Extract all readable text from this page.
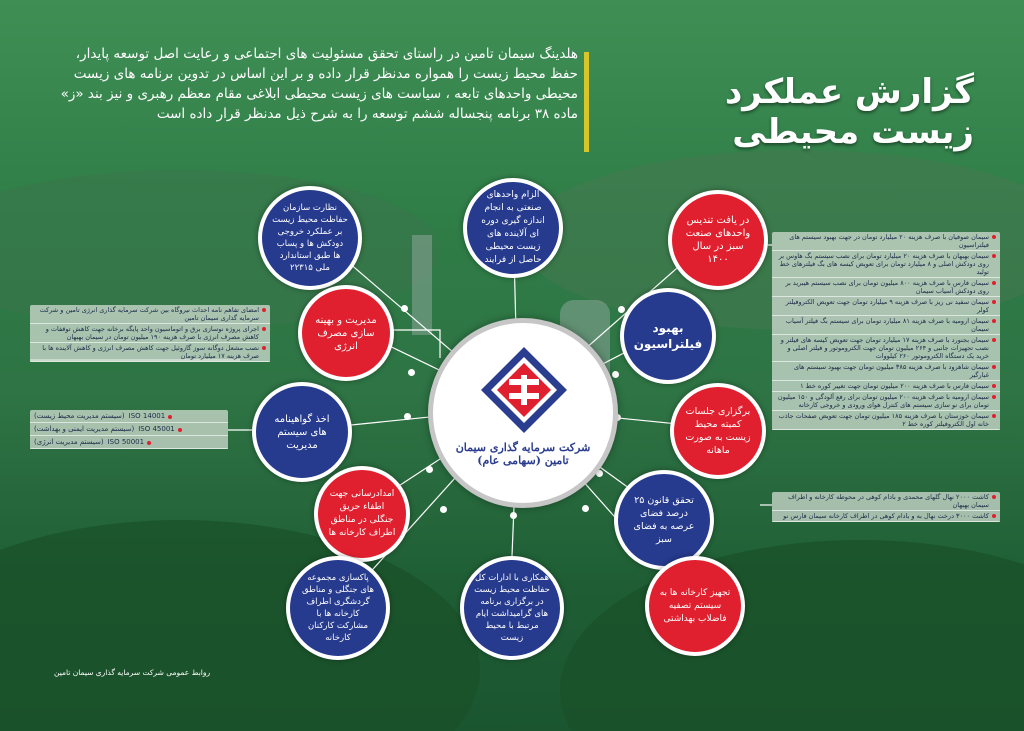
گزارش عملکرد زیست محیطی
هلدینگ سیمان تامین در راستای تحقق مسئولیت های اجتماعی و رعایت اصل توسعه پایدار، حفظ محیط زیست را همواره مدنظر قرار داده و بر این اساس در تدوین برنامه های زیست محیطی واحدهای تابعه ، سیاست های زیست محیطی ابلاغی مقام معظم رهبری و نیز بند «ز» ماده ۳۸ برنامه پنجساله ششم توسعه را به شرح ذیل مدنظر قرار داده است
شرکت سرمایه گذاری سیمان تامین (سهامی عام)
الزام واحدهای صنعتی به انجام اندازه گیری دوره ای آلاینده های زیست محیطی حاصل از فرایند
نظارت سازمان حفاظت محیط زیست بر عملکرد خروجی دودکش ها و پساب ها طبق استاندارد ملی ۲۲۳۱۵
در یافت تندیس واحدهای صنعت سبز در سال ۱۴۰۰
مدیریت و بهینه سازی مصرف انرژی
بهبود فیلتراسیون
اخذ گواهینامه های سیستم مدیریت
برگزاری جلسات کمیته محیط زیست به صورت ماهانه
امدادرسانی جهت اطفاء حریق جنگلی در مناطق اطراف کارخانه ها
تحقق قانون ۲۵ درصد فضای عرصه به فضای سبز
پاکسازی مجموعه های جنگلی و مناطق گردشگری اطراف کارخانه ها با مشارکت کارکنان کارخانه
همکاری با ادارات کل حفاظت محیط زیست در برگزاری برنامه های گرامیداشت ایام مرتبط با محیط زیست
تجهیز کارخانه ها به سیستم تصفیه فاضلاب بهداشتی
امضای تفاهم نامه احداث نیروگاه بین شرکت سرمایه گذاری انرژی تامین و شرکت سرمایه گذاری سیمان تامین
اجرای پروژه نوسازی برق و اتوماسیون واحد پایگه برخانه جهت کاهش توقفات و کاهش مصرف انرژی با صرف هزینه ۱۹۰ میلیون تومان در سیمان بهبهان
نصب مشعل دوگانه سوز گازوئیل جهت کاهش مصرف انرژی و کاهش آلاینده ها با صرف هزینه ۱۷ میلیارد تومان
ISO 14001
(سیستم مدیریت محیط زیست)
ISO 45001
(سیستم مدیریت ایمنی و بهداشت)
ISO 50001
(سیستم مدیریت انرژی)
سیمان صوفیان با صرف هزینه ۲۰ میلیارد تومان در جهت بهبود سیستم های فیلتراسیون
سیمان بهبهان با صرف هزینه ۲۰ میلیارد تومان برای نصب سیستم بگ هاوس بر روی دودکش اصلی و ۸ میلیارد تومان برای تعویض کیسه های بگ فیلترهای خط تولید
سیمان فارس با صرف هزینه ۸۰۰ میلیون تومان برای نصب سیستم هیبرید بر روی دودکش آسیاب سیمان
سیمان سفید نی ریز با صرف هزینه ۹ میلیارد تومان جهت تعویض الکتروفیلتر کولر
سیمان ارومیه با صرف هزینه ۸۱ میلیارد تومان برای سیستم بگ فیلتر آسیاب سیمان
سیمان بجنورد با صرف هزینه ۱۷ میلیارد تومان جهت تعویض کیسه های فیلتر و نصب تجهیزات جانبی و ۲۶۴ میلیون تومان جهت الکتروموتور و فیلتر اصلی و خرید یک دستگاه الکتروموتور ۲۶۰ کیلووات
سیمان شاهرود با صرف هزینه ۳۸۵ میلیون تومان جهت بهبود سیستم های غبارگیر
سیمان فارس با صرف هزینه ۲۰۰ میلیون تومان جهت تغییر کوره خط ۱
سیمان ارومیه با صرف هزینه ۲۰۰ میلیون تومان برای رفع آلودگی و ۱۵۰ میلیون تومان برای نو سازی سیستم های کنترل هوای ورودی و خروجی کارخانه
سیمان خوزستان با صرف هزینه ۱۸۵ میلیون تومان جهت تعویض صفحات جاذب خانه اول الکتروفیلتر کوره خط ۲
کاشت ۲۰۰۰ نهال گلهای محمدی و بادام کوهی در محوطه کارخانه و اطراف سیمان بهبهان
کاشت ۳۰۰۰ درخت نهال به و بادام کوهی در اطراف کارخانه سیمان فارس نو
روابط عمومی شرکت سرمایه گذاری سیمان تامین
